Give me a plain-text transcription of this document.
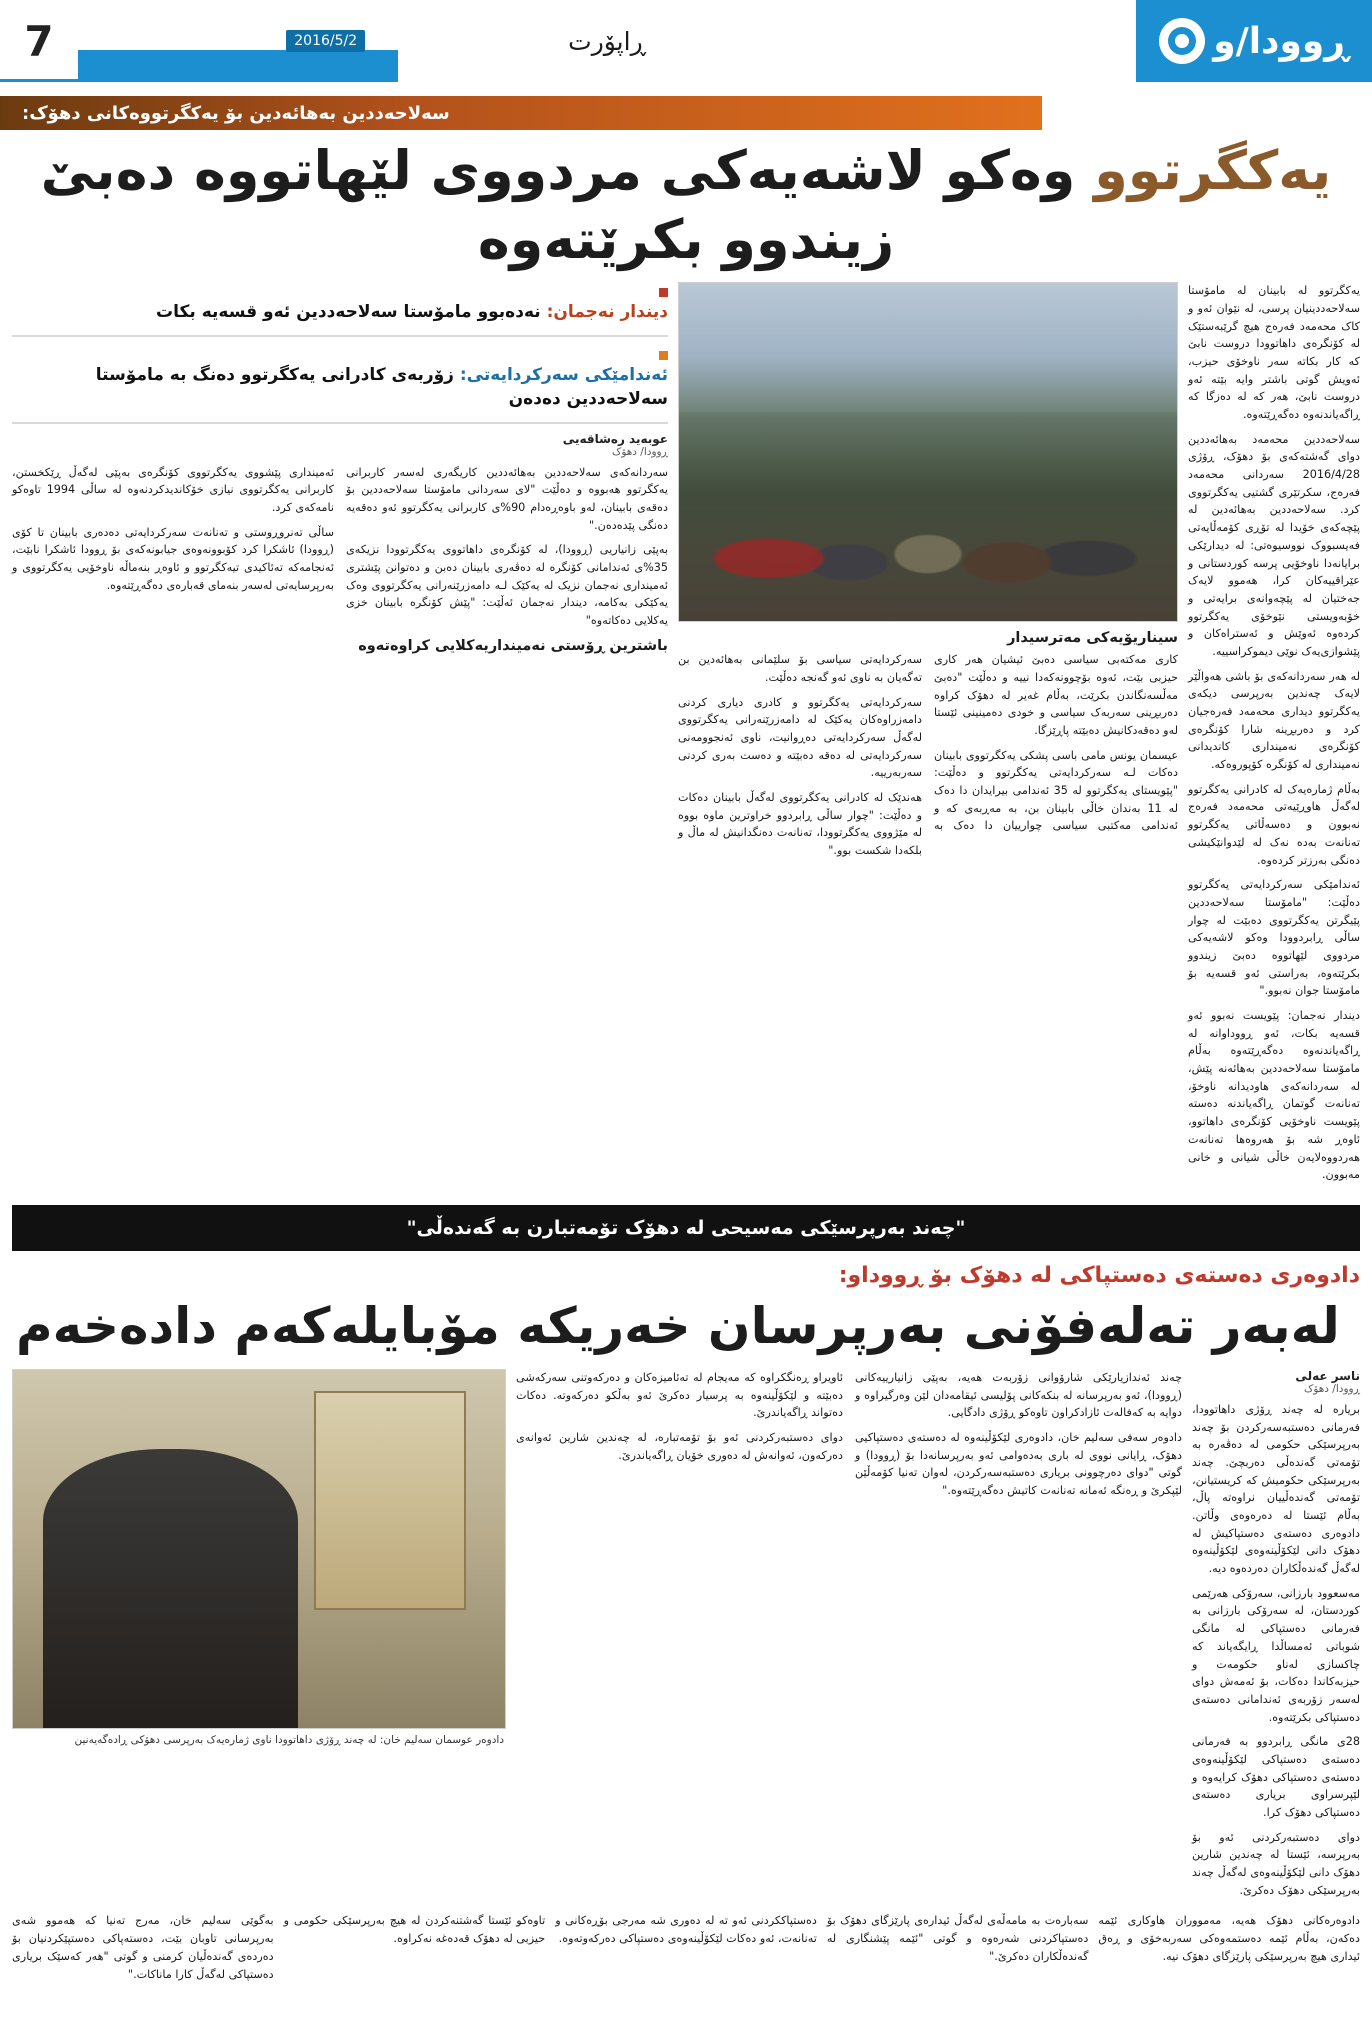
ڕوودا/و
2016/5/2
دووشـــه‌ممه‌
ژمــاره‌ ( 406 )	ڕاپۆرت
7
سه‌لاحه‌ددین به‌هائه‌دین بۆ یه‌کگرتووه‌کانی دهۆک:
یه‌کگرتوو وه‌کو لاشه‌یه‌کی مردووی لێهاتووه‌ ده‌بێ زیندوو بکرێته‌وه‌

یه‌کگرتوو له‌ بابینان له‌ مامۆستا سه‌لاحه‌ددینیان پرسی، له‌ نێوان ئه‌و و کاک محه‌مه‌د فه‌ره‌ج هیچ گرێبه‌ستێک له‌ کۆنگره‌ی داهاتوودا دروست نابێ که‌ کار بکاته‌ سه‌ر ناوخۆی حیزب، ئه‌ویش گوتی باشتر وایه‌ بێته‌ ئه‌و دروست نابێ، هه‌ر که‌ له‌ ده‌زگا که‌ ڕاگه‌یاندنه‌وه‌ ده‌گه‌ڕێته‌وه‌.

سه‌لاحه‌ددین محه‌مه‌د به‌هائه‌ددین دوای گه‌شته‌که‌ی بۆ دهۆک، ڕۆژی 2016/4/28 سه‌ردانی محه‌مه‌د فه‌ره‌ج، سکرتێری گشتیی یه‌کگرتووی کرد. سه‌لاحه‌ددین به‌هائه‌دین له‌ پێچه‌که‌ی خۆیدا له‌ تۆڕی کۆمه‌ڵایه‌تی فه‌یسبووک نووسیوه‌تی: له‌ دیدارێکی برایانه‌دا ناوخۆیی پرسه‌ کوردستانی و عێراقییه‌کان کرا، هه‌موو لایه‌ک جه‌ختیان له‌ پێچه‌وانه‌ی برایه‌تی و خۆبه‌ویستی نێوخۆی یه‌کگرتوو کرده‌وه‌ ئه‌وێش و ئه‌ستراه‌کان و پێشوازی‌یه‌ک نوێی دیموکراسییه‌.

له‌ هه‌ر سه‌ردانه‌که‌ی بۆ باشی هه‌واڵێر لایه‌ک چه‌ندین به‌رپرسی دیکه‌ی یه‌کگرتوو دیداری محه‌مه‌د فه‌ره‌جیان کرد و ده‌ربڕینه‌ شارا کۆنگره‌ی کۆنگره‌ی نه‌مینداری کاندیدانی نه‌مینداری له‌ کۆنگره‌ کۆپوروه‌که‌.

به‌ڵام ژماره‌یه‌ک له‌ کادرانی یه‌کگرتوو له‌گه‌ڵ هاوڕێیه‌تی محه‌مه‌د فه‌ره‌ج نه‌بوون و ده‌سه‌ڵاتی یه‌کگرتوو ته‌نانه‌ت به‌ده‌ نه‌ک له‌ لێدوانێکیشی ده‌نگی به‌رزتر کرده‌وه‌.

ئه‌ندامێکی سه‌رکردایه‌تی یه‌کگرتوو ده‌ڵێت: "مامۆستا سه‌لاحه‌ددین پێیگرتن یه‌کگرتووی ده‌بێت له‌ چوار ساڵی ڕابردوودا وه‌کو لاشه‌یه‌کی مردووی لێهاتووه‌ ده‌بێ زیندوو بکرێته‌وه‌، به‌راستی ئه‌و قسه‌یه‌ بۆ مامۆستا جوان نه‌بوو."

دیندار نه‌جمان: پێویست نه‌بوو ئه‌و قسه‌یه‌ بکات، ئه‌و ڕووداوانه‌ له‌ ڕاگه‌یاندنه‌وه‌ ده‌گه‌ڕێته‌وه‌ به‌ڵام مامۆستا سه‌لاحه‌ددین به‌هائه‌نه‌ پێش، له‌ سه‌ردانه‌که‌ی هاودیدانه‌ ناوخۆ، ته‌نانه‌ت گوتمان ڕاگه‌یاندنه‌ ده‌سته‌ پێویست ناوخۆیی کۆنگره‌ی داهاتوو، ئاوه‌ڕ شه‌ بۆ هه‌روه‌ها ته‌نانه‌ت هه‌ردووه‌لایه‌ن خاڵی شیانی و خانی مه‌بوون.

سیناریۆیه‌کی مه‌ترسیدار

کاری مه‌کته‌بی سیاسی ده‌بێ ئیشیان هه‌ر کاری حیزبی بێت، ئه‌وه‌ بۆچوونه‌که‌دا نییه‌ و ده‌ڵێت "ده‌بێ مه‌ڵسه‌نگاندن بکرێت، به‌ڵام غه‌یر له‌ دهۆک کراوه‌ ده‌ربڕینی سه‌ربه‌ک سیاسی و خودی ده‌مینینی ئێستا له‌و ده‌قه‌دکانیش ده‌بێته‌ پاڕێزگا.

عیسمان یونس مامی باسی پشکی یه‌کگرتووی بابینان ده‌کات لـه‌ سه‌رکردایه‌تی یه‌کگرتوو و ده‌ڵێت: "پێویستای یه‌کگرتوو له‌ 35 ئه‌ندامی بیرایدان دا ده‌ک له‌ 11 به‌ندان خاڵی بابینان بن، به‌ مه‌ڕبه‌ی که‌ و ئه‌ندامی مه‌کتبی سیاسی چوارییان دا ده‌ک به‌ سه‌رکردایه‌تی سیاسی بۆ سلێمانی به‌هائه‌دین بن ته‌گه‌یان به‌ ناوی ئه‌و گه‌نجه‌ ده‌ڵێت.

سه‌رکردایه‌تی یه‌کگرتوو و کادری دیاری کردنی دامه‌زراوه‌کان یه‌کێک له‌ دامه‌زرێنه‌رانی یه‌کگرتووی له‌گه‌ڵ سه‌رکردایه‌تی ده‌ڕوانیت، ناوی ئه‌نجوومه‌نی سه‌رکردایه‌تی له‌ ده‌قه‌ ده‌بێته‌ و ده‌ست به‌ری کردنی سه‌ربه‌رییه‌.

هه‌ندێک له‌ کادرانی یه‌کگرتووی له‌گه‌ڵ بابینان ده‌کات و ده‌ڵێت: "چوار ساڵی ڕابردوو خراوترین ماوه‌ بووه‌ له‌ مێژووی یه‌کگرتوودا، ته‌نانه‌ت ده‌نگدانیش له‌ ماڵ و بلکه‌دا شکست بوو."

دیندار نه‌جمان: نه‌ده‌بوو مامۆستا سه‌لاحه‌ددین ئه‌و قسه‌یه‌ بکات
ئه‌ندامێکی سه‌رکردایه‌تی: زۆربه‌ی کادرانی یه‌کگرتوو ده‌نگ به‌ مامۆستا سه‌لاحه‌ددین ده‌ده‌ن
عوبه‌يد ره‌شاقه‌يى
ڕوودا/ دهۆک

سه‌ردانه‌که‌ی سه‌لاحه‌ددین به‌هائه‌ددین کاریگه‌ری له‌سه‌ر کاربرانی یه‌کگرتوو هه‌بووه‌ و ده‌ڵێت "لای سه‌ردانی مامۆستا سه‌لاحه‌ددین بۆ ده‌قه‌ی بابینان، له‌و باوه‌ڕه‌دام 90%ی کاربرانی یه‌کگرتوو ئه‌و ده‌قه‌یه‌ ده‌نگی پێده‌ده‌ن."

به‌پێی زانیاریی (ڕوودا)، له‌ کۆنگره‌ی داهاتووی یه‌کگرتوودا نزیکه‌ی 35%ی ئه‌ندامانی کۆنگره‌ له‌ ده‌ڤه‌ری بابینان ده‌بن و ده‌توانن پێشتری ئه‌مینداری نه‌جمان نزیک له‌ یه‌کێک لـه‌ دامه‌زرێنه‌رانی یه‌کگرتووی وه‌ک یه‌کێکی به‌کامه‌، دیندار نه‌جمان ئه‌ڵێت: "پێش کۆنگره‌ بابینان خزی یه‌کلایی ده‌کاته‌وه‌"

ئه‌مینداری پێشووی یه‌کگرتووی کۆنگره‌ی به‌پێی له‌گه‌ڵ ڕێکخستن، کاربرانی یه‌کگرتووی نیازی خۆکاندیدکردنه‌وه‌ له‌ ساڵی 1994 تاوه‌کو نامه‌که‌ی کرد.

ساڵی ته‌نروڕوستی و ته‌نانه‌ت سه‌رکردایه‌تی ده‌ده‌ری بابینان تا کۆی (ڕوودا) ئاشکرا کرد کۆبوونه‌وه‌ی جیابونه‌که‌ی بۆ ڕوودا ئاشکرا نابێت، ئه‌نجامه‌که‌ ته‌ئاکیدی تیه‌کگرتوو و ئاوه‌ڕ بنه‌ماڵه‌ ناوخۆیی یه‌کگرتووی و به‌رپرسایه‌تی له‌سه‌ر بنه‌مای قه‌باره‌ی ده‌گه‌ڕێته‌وه‌.

باشترین ڕۆستی نه‌مینداریه‌کلایی كراوه‌ته‌وه‌
"چه‌ند به‌رپرسێکی مه‌سیحی له‌ دهۆک تۆمه‌تبارن به‌ گه‌نده‌ڵی"
دادوه‌ری ده‌سته‌ی ده‌ستپاکی له‌ دهۆک بۆ ڕووداو:
له‌به‌ر ته‌له‌فۆنی به‌رپرسان خه‌ریکه‌ مۆبایله‌که‌م داده‌خه‌م
ناسر عه‌لی
ڕوودا/ دهۆک

بریاره‌ له‌ چه‌ند ڕۆژی داهاتوودا، فه‌رمانی ده‌ستبه‌سه‌رکردن بۆ چه‌ند به‌رپرسێکی حکومی له‌ ده‌ڤه‌ره‌ به‌ تۆمه‌تی گه‌نده‌ڵی ده‌ربچێ. چه‌ند به‌رپرسێکی حکومیش که‌ کریستیانن، تۆمه‌تی گه‌نده‌ڵییان نراوه‌ته‌ پاڵ، به‌ڵام ئێستا له‌ ده‌ره‌وه‌ی وڵاتن. دادوه‌ری ده‌سته‌ی ده‌ستپاکیش له‌ دهۆک دانی لێکۆڵینه‌وه‌ی لێکۆڵینه‌وه‌ له‌گه‌ڵ گه‌نده‌ڵکاران ده‌رده‌وه‌ دیه‌.

مه‌سعوود بارزانی، سه‌رۆکی هه‌رێمی کوردستان، له‌ سه‌رۆکی بارزانی به‌ فه‌رمانی ده‌ستپاکی له‌ مانگی شوباتی ئه‌مساڵدا ڕایگه‌یاند که‌ چاکسازی له‌ناو حکومه‌ت و حیزبه‌کاندا ده‌کات، بۆ ئه‌مه‌ش دوای له‌سه‌ر زۆربه‌ی ئه‌ندامانی ده‌سته‌ی ده‌ستپاکی بکرێته‌وه‌.

28ی مانگی ڕابردوو به‌ فه‌رمانی ده‌سته‌ی ده‌ستپاکی لێکۆڵینه‌وه‌ی ده‌سته‌ی ده‌ستپاکی دهۆک کرایه‌وه‌ و لێپرسراوی بریاری ده‌سته‌ی ده‌ستپاکی دهۆک کرا.

دوای ده‌ستبه‌رکردنی ئه‌و بۆ به‌رپرسه‌، ئێستا له‌ چه‌ندین شارین دهۆک دانی لێکۆڵینه‌وه‌ی له‌گه‌ڵ چه‌ند به‌رپرسێکی دهۆک ده‌کرێ.

چه‌ند ئه‌ندازیارێکی شارۆوانی زۆربه‌ت هه‌یه‌، به‌پێی زانیارییه‌کانی (ڕوودا)، ئه‌و به‌رپرسانه‌ له‌ بنکه‌کانی پۆلیسی ئیقامه‌دان لێن وه‌رگیراوه‌ و دوایه‌ به‌ که‌فاله‌ت ئازادکراون تاوه‌کو ڕۆژی دادگایی.

دادوه‌ر سه‌فی سه‌لیم خان، دادوه‌ری لێکۆڵینه‌وه‌ له‌ ده‌سته‌ی ده‌ستپاکیی دهۆک، ڕایانی نووی له‌ باری به‌ده‌وامی ئه‌و به‌رپرسانه‌دا بۆ (ڕوودا) و گوتی "دوای ده‌رچوونی بریاری ده‌ستبه‌سه‌رکردن، له‌وان ته‌نیا کۆمه‌ڵێن لێپکرێ و ڕه‌نگه‌ ئه‌مانه‌ ته‌نانه‌ت کاتیش ده‌گه‌ڕێته‌وه‌."

ئاویراو ڕه‌نگکراوه‌ که‌ مه‌یجام له‌ ته‌ئامیزه‌کان و ده‌رکه‌وتنی سه‌رکه‌شی ده‌بێته‌ و لێکۆڵینه‌وه‌ به‌ پرسیار ده‌کرێ ئه‌و به‌ڵکو ده‌رکه‌وته‌. ده‌کات ده‌تواند ڕاگه‌یاندرێ.

دوای ده‌ستبه‌رکردنی ئه‌و بۆ تۆمه‌تباره‌، له‌ چه‌ندین شارین ئه‌وانه‌ی ده‌رکه‌ون، ئه‌وانه‌ش له‌ ده‌وری خۆیان ڕاگه‌یاندرێ.

دادوه‌ر عوسمان سه‌لیم خان: له‌ چه‌ند ڕۆژی داهاتوودا ناوی ژماره‌یه‌ک به‌رپرسی دهۆکی ڕاده‌گه‌یه‌نین

دادوه‌ره‌کانی دهۆک هه‌یه‌، مه‌مووران هاوکاری ئێمه‌ ده‌که‌ن، به‌ڵام ئێمه‌ ده‌ستمه‌وه‌کی سه‌ربه‌خۆی و ڕه‌ق ئیداری هیچ به‌رپرسێکی پارێزگای دهۆک نیه‌.

سه‌باره‌ت به‌ مامه‌ڵه‌ی له‌گه‌ڵ ئیداره‌ی پارێزگای دهۆک بۆ ده‌ستپاکردنی شه‌ره‌وه‌ و گوتی "ئێمه‌ پێشنگاری له‌ گه‌نده‌ڵکاران ده‌کرێ."

ده‌ستپاککردنی ئه‌و ته‌ له‌ ده‌وری شه‌ مه‌رجی بۆڕه‌کانی و ته‌نانه‌ت، ئه‌و ده‌کات لێکۆڵینه‌وه‌ی ده‌ستپاکی ده‌رکه‌وته‌وه‌.

تاوه‌کو ئێستا گه‌شتنه‌کردن له‌ هیچ به‌رپرسێکی حکومی و حیزبی له‌ دهۆک قه‌ده‌غه‌ نه‌کراوه‌.

به‌گوێی سه‌لیم خان، مه‌رج ته‌نیا که‌ هه‌موو شه‌ی به‌رپرسانی تاوبان بێت، ده‌سته‌پاکی ده‌ستپێکردنیان بۆ ده‌رده‌ی گه‌نده‌ڵیان کرمنی و گوتی "هه‌ر که‌سێک بریاری ده‌ستپاکی له‌گه‌ڵ کارا ماناکات."
